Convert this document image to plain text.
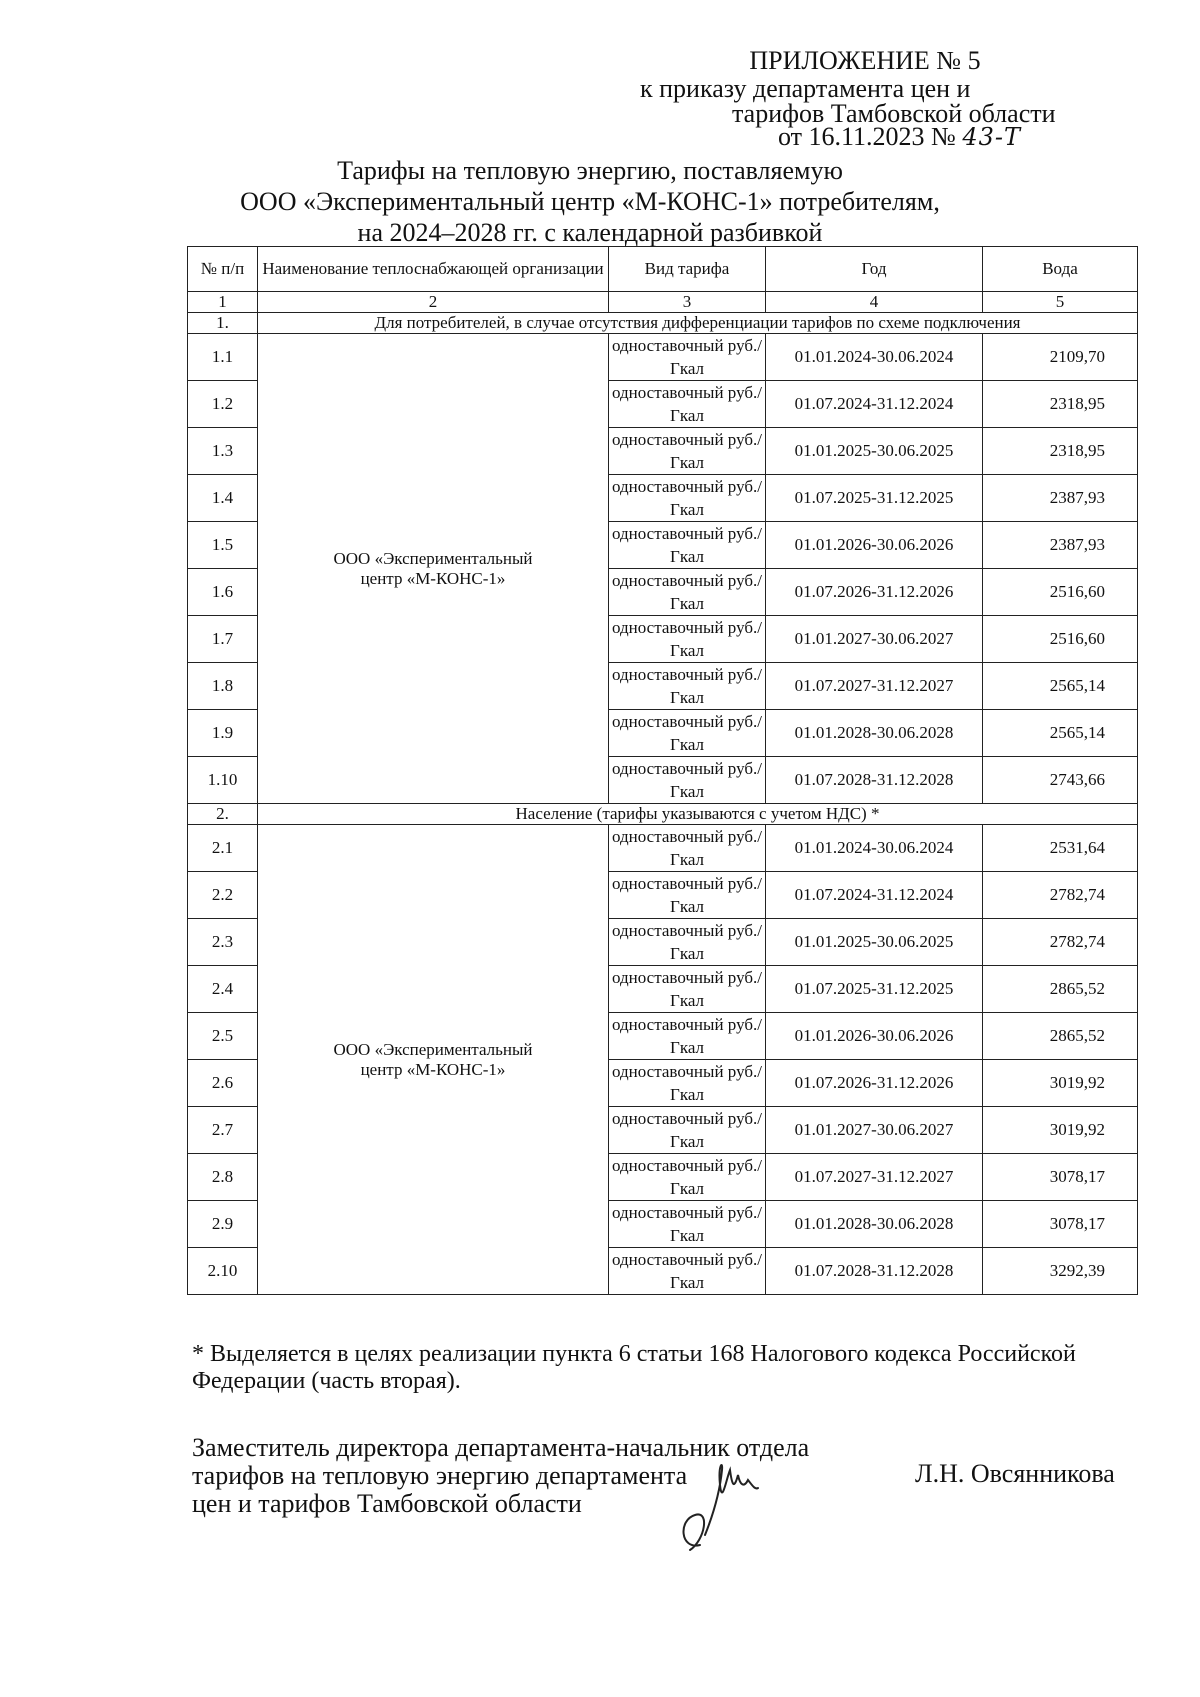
ПРИЛОЖЕНИЕ № 5
к приказу департамента цен и
тарифов Тамбовской области
от 16.11.2023 № 43-Т
Тарифы на тепловую энергию, поставляемую
ООО «Экспериментальный центр «М-КОНС-1» потребителям,
на 2024–2028 гг. с календарной разбивкой
№ п/п	Наименование теплоснабжающей организации	Вид тарифа	Год	Вода
1	2	3	4	5
1.	Для потребителей, в случае отсутствия дифференциации тарифов по схеме подключения			
1.1	ООО «Экспериментальный центр «М-КОНС-1»	одноставочный руб./Гкал	01.01.2024-30.06.2024	2109,70
1.2		одноставочный руб./Гкал	01.07.2024-31.12.2024	2318,95
1.3		одноставочный руб./Гкал	01.01.2025-30.06.2025	2318,95
1.4		одноставочный руб./Гкал	01.07.2025-31.12.2025	2387,93
1.5		одноставочный руб./Гкал	01.01.2026-30.06.2026	2387,93
1.6		одноставочный руб./Гкал	01.07.2026-31.12.2026	2516,60
1.7		одноставочный руб./Гкал	01.01.2027-30.06.2027	2516,60
1.8		одноставочный руб./Гкал	01.07.2027-31.12.2027	2565,14
1.9		одноставочный руб./Гкал	01.01.2028-30.06.2028	2565,14
1.10		одноставочный руб./Гкал	01.07.2028-31.12.2028	2743,66
2.	Население (тарифы указываются с учетом НДС) *			
2.1	ООО «Экспериментальный центр «М-КОНС-1»	одноставочный руб./Гкал	01.01.2024-30.06.2024	2531,64
2.2		одноставочный руб./Гкал	01.07.2024-31.12.2024	2782,74
2.3		одноставочный руб./Гкал	01.01.2025-30.06.2025	2782,74
2.4		одноставочный руб./Гкал	01.07.2025-31.12.2025	2865,52
2.5		одноставочный руб./Гкал	01.01.2026-30.06.2026	2865,52
2.6		одноставочный руб./Гкал	01.07.2026-31.12.2026	3019,92
2.7		одноставочный руб./Гкал	01.01.2027-30.06.2027	3019,92
2.8		одноставочный руб./Гкал	01.07.2027-31.12.2027	3078,17
2.9		одноставочный руб./Гкал	01.01.2028-30.06.2028	3078,17
2.10		одноставочный руб./Гкал	01.07.2028-31.12.2028	3292,39
* Выделяется в целях реализации пункта 6 статьи 168 Налогового кодекса Российской Федерации (часть вторая).
Заместитель директора департамента-начальник отдела
тарифов на тепловую энергию департамента
цен и тарифов Тамбовской области
Л.Н. Овсянникова
